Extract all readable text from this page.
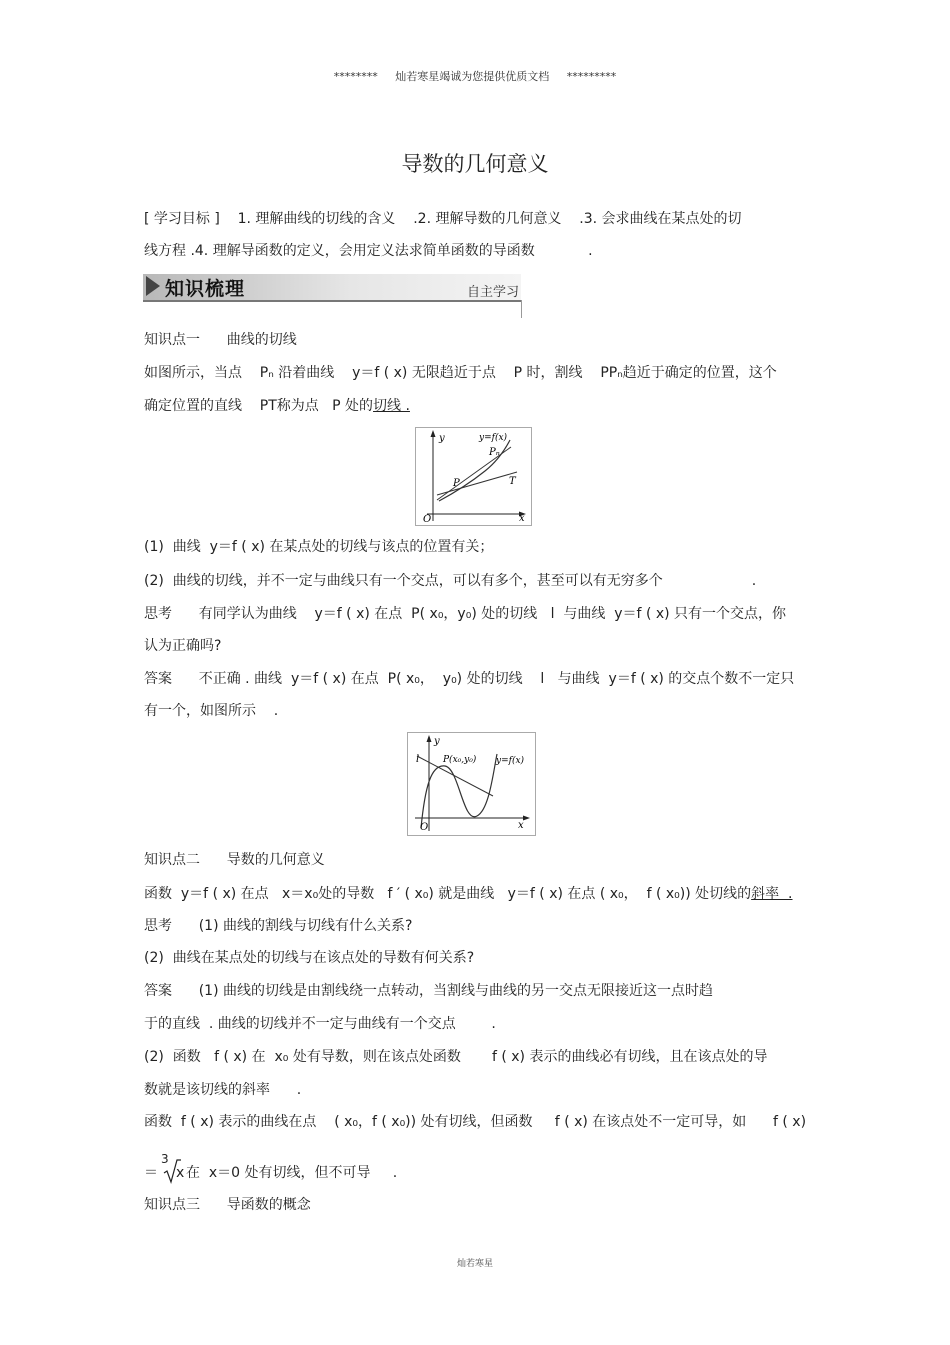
********     灿若寒星竭诚为您提供优质文档     *********
导数的几何意义
[ 学习目标 ]    1. 理解曲线的切线的含义    .2. 理解导数的几何意义    .3. 会求曲线在某点处的切
线方程 .4. 理解导函数的定义，会用定义法求简单函数的导函数            .
知识梳理	自主学习
知识点一      曲线的切线
如图所示，当点    Pₙ 沿着曲线    y＝f ( x) 无限趋近于点    P 时，割线    PPₙ趋近于确定的位置，这个
确定位置的直线    PT称为点   P 处的切线 .
y
x
O
y=f(x)
Pₙ
P	T
(1)  曲线  y＝f ( x) 在某点处的切线与该点的位置有关；
(2)  曲线的切线，并不一定与曲线只有一个交点，可以有多个，甚至可以有无穷多个                    .
思考      有同学认为曲线    y＝f ( x) 在点  P( x₀，y₀) 处的切线   l  与曲线  y＝f ( x) 只有一个交点，你
认为正确吗?
答案      不正确 . 曲线  y＝f ( x) 在点  P( x₀，  y₀) 处的切线    l   与曲线  y＝f ( x) 的交点个数不一定只
有一个，如图所示    .
y
x
O
l	P(x₀,y₀) y=f(x)
知识点二      导数的几何意义
函数  y＝f ( x) 在点   x＝x₀处的导数   f ′ ( x₀) 就是曲线   y＝f ( x) 在点 ( x₀，  f ( x₀)) 处切线的斜率  .
思考      (1) 曲线的割线与切线有什么关系?
(2)  曲线在某点处的切线与在该点处的导数有何关系?
答案      (1) 曲线的切线是由割线绕一点转动，当割线与曲线的另一交点无限接近这一点时趋
于的直线  . 曲线的切线并不一定与曲线有一个交点        .
(2)  函数   f ( x) 在  x₀ 处有导数，则在该点处函数       f ( x) 表示的曲线必有切线，且在该点处的导
数就是该切线的斜率      .
函数  f ( x) 表示的曲线在点    ( x₀，f ( x₀)) 处有切线，但函数     f ( x) 在该点处不一定可导，如      f ( x)
＝
3
x 在  x＝0 处有切线，但不可导     .
知识点三      导函数的概念
灿若寒星
